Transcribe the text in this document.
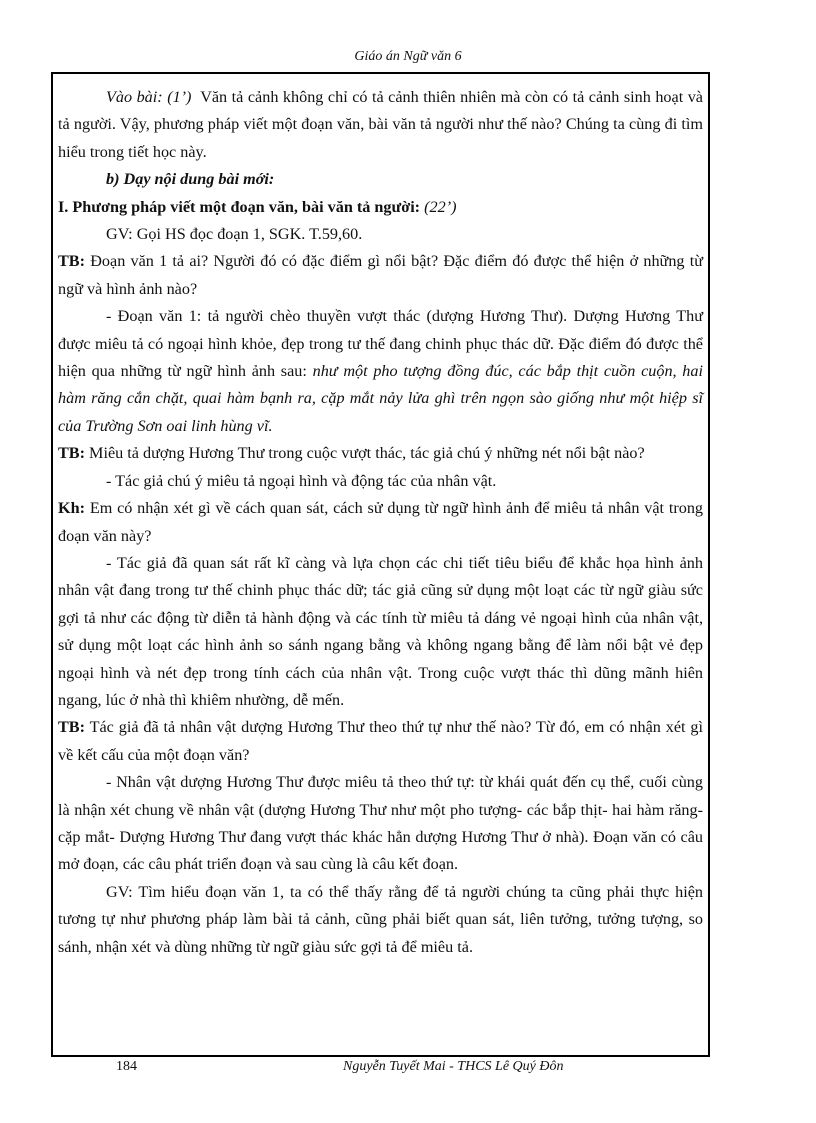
Giáo án Ngữ văn 6

Vào bài: (1’) Văn tả cảnh không chỉ có tả cảnh thiên nhiên mà còn có tả cảnh sinh hoạt và tả người. Vậy, phương pháp viết một đoạn văn, bài văn tả người như thế nào? Chúng ta cùng đi tìm hiểu trong tiết học này.

b) Dạy nội dung bài mới:

I. Phương pháp viết một đoạn văn, bài văn tả người: (22’)

GV: Gọi HS đọc đoạn 1, SGK. T.59,60.

TB: Đoạn văn 1 tả ai? Người đó có đặc điểm gì nổi bật? Đặc điểm đó được thể hiện ở những từ ngữ và hình ảnh nào?

- Đoạn văn 1: tả người chèo thuyền vượt thác (dượng Hương Thư). Dượng Hương Thư được miêu tả có ngoại hình khỏe, đẹp trong tư thế đang chinh phục thác dữ. Đặc điểm đó được thể hiện qua những từ ngữ hình ảnh sau: như một pho tượng đồng đúc, các bắp thịt cuồn cuộn, hai hàm răng cắn chặt, quai hàm bạnh ra, cặp mắt nảy lửa ghì trên ngọn sào giống như một hiệp sĩ của Trường Sơn oai linh hùng vĩ.

TB: Miêu tả dượng Hương Thư trong cuộc vượt thác, tác giả chú ý những nét nổi bật nào?

- Tác giả chú ý miêu tả ngoại hình và động tác của nhân vật.

Kh: Em có nhận xét gì về cách quan sát, cách sử dụng từ ngữ hình ảnh để miêu tả nhân vật trong đoạn văn này?

- Tác giả đã quan sát rất kĩ càng và lựa chọn các chi tiết tiêu biểu để khắc họa hình ảnh nhân vật đang trong tư thế chinh phục thác dữ; tác giả cũng sử dụng một loạt các từ ngữ giàu sức gợi tả như các động từ diễn tả hành động và các tính từ miêu tả dáng vẻ ngoại hình của nhân vật, sử dụng một loạt các hình ảnh so sánh ngang bằng và không ngang bằng để làm nổi bật vẻ đẹp ngoại hình và nét đẹp trong tính cách của nhân vật. Trong cuộc vượt thác thì dũng mãnh hiên ngang, lúc ở nhà thì khiêm nhường, dễ mến.

TB: Tác giả đã tả nhân vật dượng Hương Thư theo thứ tự như thế nào? Từ đó, em có nhận xét gì về kết cấu của một đoạn văn?

- Nhân vật dượng Hương Thư được miêu tả theo thứ tự: từ khái quát đến cụ thể, cuối cùng là nhận xét chung về nhân vật (dượng Hương Thư như một pho tượng- các bắp thịt- hai hàm răng- cặp mắt- Dượng Hương Thư đang vượt thác khác hẳn dượng Hương Thư ở nhà). Đoạn văn có câu mở đoạn, các câu phát triển đoạn và sau cùng là câu kết đoạn.

GV: Tìm hiểu đoạn văn 1, ta có thể thấy rằng để tả người chúng ta cũng phải thực hiện tương tự như phương pháp làm bài tả cảnh, cũng phải biết quan sát, liên tưởng, tưởng tượng, so sánh, nhận xét và dùng những từ ngữ giàu sức gợi tả để miêu tả.

184	Nguyễn Tuyết Mai - THCS Lê Quý Đôn
